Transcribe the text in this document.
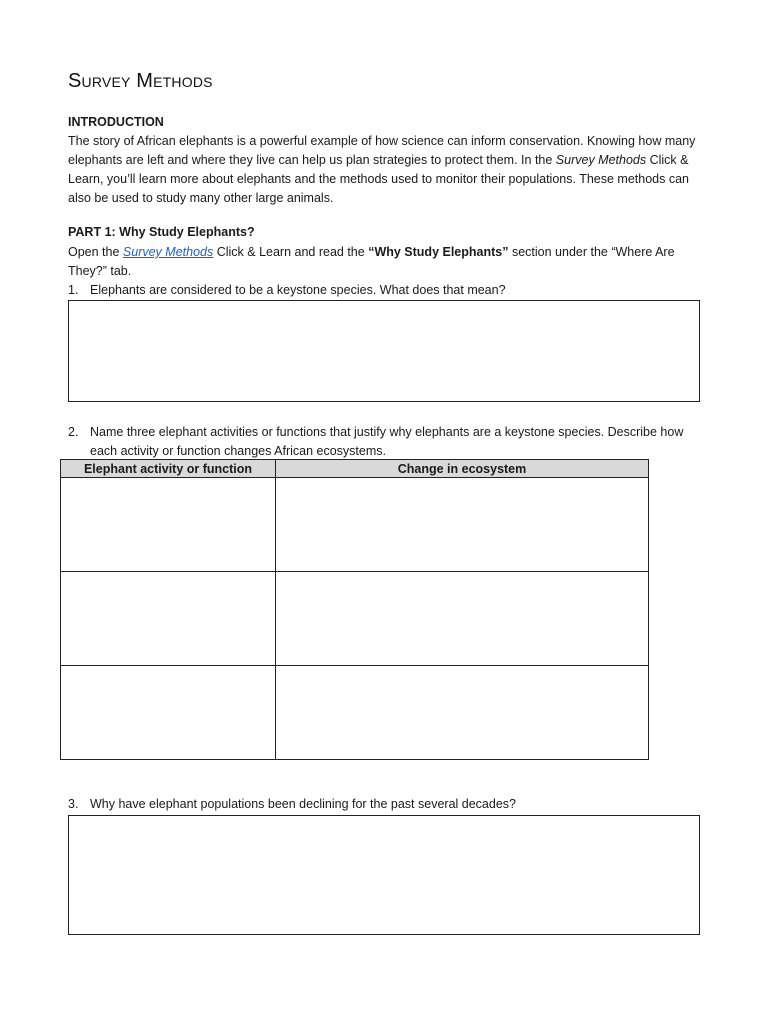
Survey Methods
INTRODUCTION
The story of African elephants is a powerful example of how science can inform conservation. Knowing how many elephants are left and where they live can help us plan strategies to protect them. In the Survey Methods Click & Learn, you’ll learn more about elephants and the methods used to monitor their populations. These methods can also be used to study many other large animals.
PART 1: Why Study Elephants?
Open the Survey Methods Click & Learn and read the “Why Study Elephants” section under the “Where Are They?” tab.
1. Elephants are considered to be a keystone species. What does that mean?
2. Name three elephant activities or functions that justify why elephants are a keystone species. Describe how each activity or function changes African ecosystems.
Elephant activity or function	Change in ecosystem

3. Why have elephant populations been declining for the past several decades?
